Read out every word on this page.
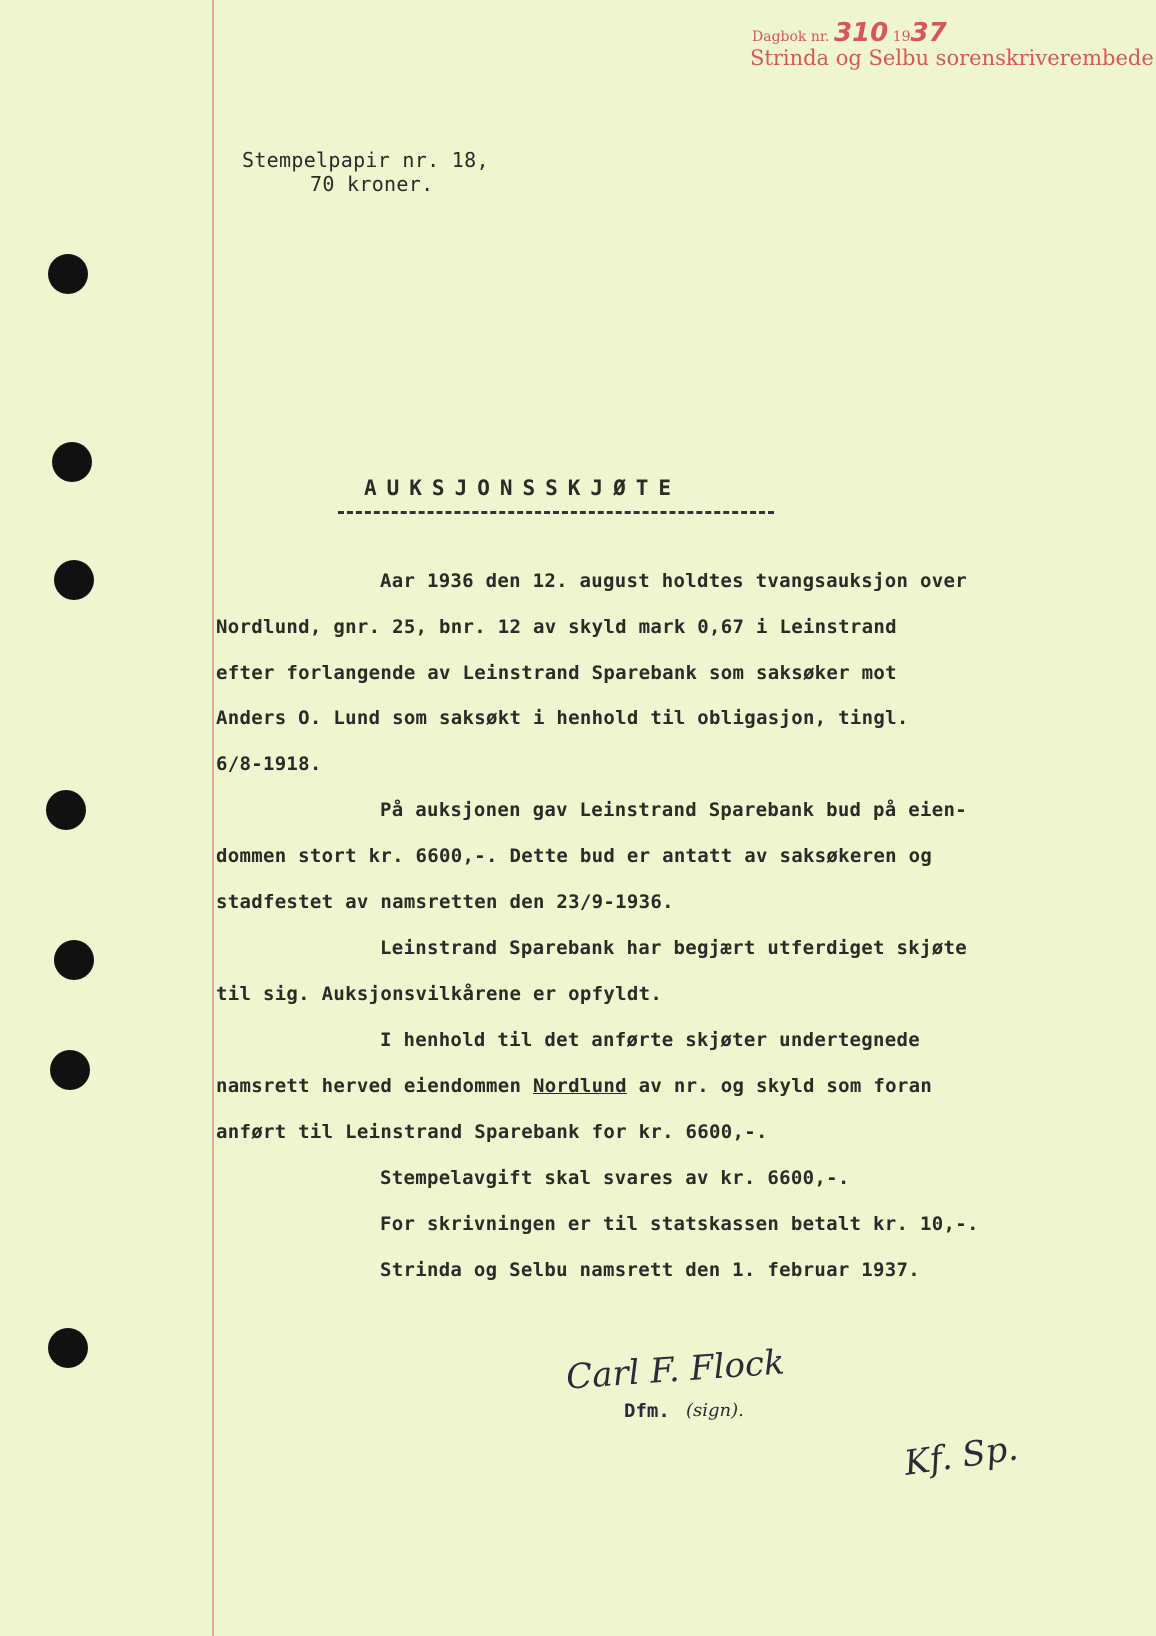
Dagbok nr. 310 1937
Strinda og Selbu sorenskriverembede
Stempelpapir nr. 18,
70 kroner.
AUKSJONSSKJØTE
Aar 1936 den 12. august holdtes tvangsauksjon over
Nordlund, gnr. 25, bnr. 12 av skyld mark 0,67 i Leinstrand
efter forlangende av Leinstrand Sparebank som saksøker mot
Anders O. Lund som saksøkt i henhold til obligasjon, tingl.
6/8-1918.
På auksjonen gav Leinstrand Sparebank bud på eien-
dommen stort kr. 6600,-. Dette bud er antatt av saksøkeren og
stadfestet av namsretten den 23/9-1936.
Leinstrand Sparebank har begjært utferdiget skjøte
til sig. Auksjonsvilkårene er opfyldt.
I henhold til det anførte skjøter undertegnede
namsrett herved eiendommen Nordlund av nr. og skyld som foran
anført til Leinstrand Sparebank for kr. 6600,-.
Stempelavgift skal svares av kr. 6600,-.
For skrivningen er til statskassen betalt kr. 10,-.
Strinda og Selbu namsrett den 1. februar 1937.
Carl F. Flock
Dfm. (sign).
Kf. Sp.
